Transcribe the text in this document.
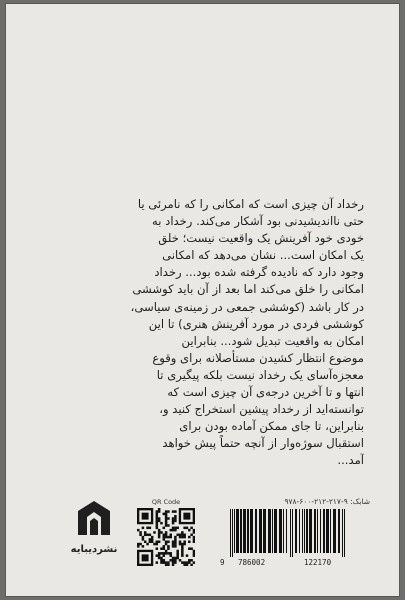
رخداد آن چیزی است که امکانی را که نامرئی یا
حتی نااندیشیدنی بود آشکار می‌کند. رخداد به
خودی خود آفرینش یک واقعیت نیست؛ خلق
یک امکان است... نشان می‌دهد که امکانی
وجود دارد که نادیده گرفته شده بود... رخداد
امکانی را خلق می‌کند اما بعد از آن باید کوششی
در کار باشد (کوششی جمعی در زمینه‌ی سیاسی،
کوششی فردی در مورد آفرینش هنری) تا این
امکان به واقعیت تبدیل شود... بنابراین
موضوع انتظار کشیدن مستأصلانه برای وقوع
معجزه‌آسای یک رخداد نیست بلکه پیگیری تا
انتها و تا آخرین درجه‌ی آن چیزی است که
توانسته‌اید از رخداد پیشین استخراج کنید و،
بنابراین، تا جای ممکن آماده بودن برای
استقبال سوژه‌وار از آنچه حتماً پیش خواهد
آمد...
نشردیبایه
QR Code	شابک: ۹-۲۱۷-۲۱۲-۶۰۰-۹۷۸
9 786002	122170
